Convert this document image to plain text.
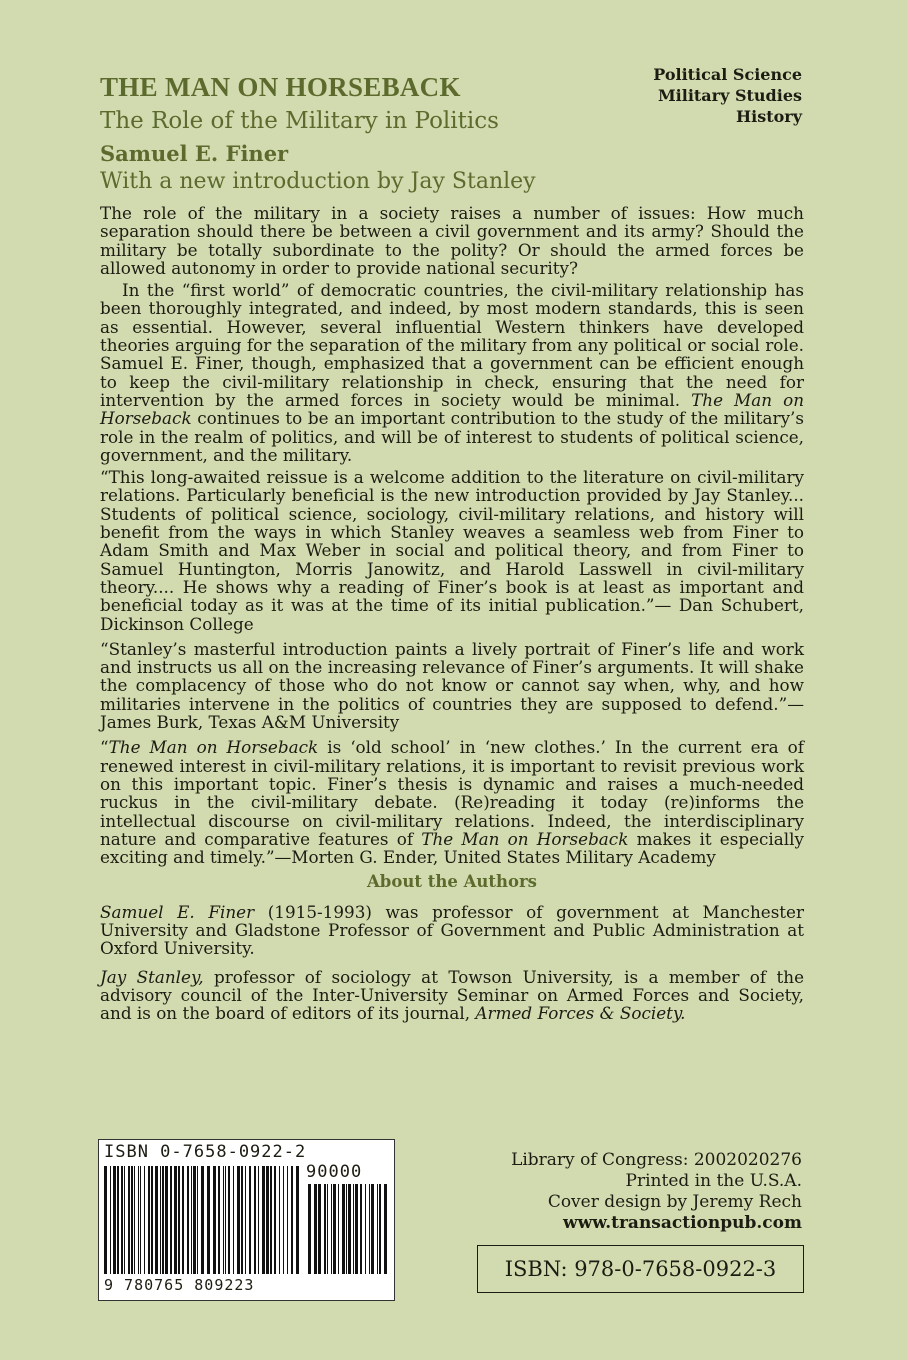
THE MAN ON HORSEBACK
The Role of the Military in Politics
Samuel E. Finer
With a new introduction by Jay Stanley
Political Science
Military Studies
History

The role of the military in a society raises a number of issues: How much separation should there be between a civil government and its army? Should the military be totally subordinate to the polity? Or should the armed forces be allowed autonomy in order to provide national security?

In the “first world” of democratic countries, the civil-military relationship has been thoroughly integrated, and indeed, by most modern standards, this is seen as essential. However, several influential Western thinkers have developed theories arguing for the separation of the military from any political or social role. Samuel E. Finer, though, emphasized that a government can be efficient enough to keep the civil-military relationship in check, ensuring that the need for intervention by the armed forces in society would be minimal. The Man on Horseback continues to be an important contribution to the study of the military’s role in the realm of politics, and will be of interest to students of political science, government, and the military.

“This long-awaited reissue is a welcome addition to the literature on civil-military relations. Particularly beneficial is the new introduction provided by Jay Stanley... Students of political science, sociology, civil-military relations, and history will benefit from the ways in which Stanley weaves a seamless web from Finer to Adam Smith and Max Weber in social and political theory, and from Finer to Samuel Huntington, Morris Janowitz, and Harold Lasswell in civil-military theory.... He shows why a reading of Finer’s book is at least as important and beneficial today as it was at the time of its initial publication.”— Dan Schubert, Dickinson College

“Stanley’s masterful introduction paints a lively portrait of Finer’s life and work and instructs us all on the increasing relevance of Finer’s arguments. It will shake the complacency of those who do not know or cannot say when, why, and how militaries intervene in the politics of countries they are supposed to defend.”—James Burk, Texas A&M University

“The Man on Horseback is ‘old school’ in ‘new clothes.’ In the current era of renewed interest in civil-military relations, it is important to revisit previous work on this important topic. Finer’s thesis is dynamic and raises a much-needed ruckus in the civil-military debate. (Re)reading it today (re)informs the intellectual discourse on civil-military relations. Indeed, the interdisciplinary nature and comparative features of The Man on Horseback makes it especially exciting and timely.”—Morten G. Ender, United States Military Academy

About the Authors

Samuel E. Finer (1915-1993) was professor of government at Manchester University and Gladstone Professor of Government and Public Administration at Oxford University.

Jay Stanley, professor of sociology at Towson University, is a member of the advisory council of the Inter-University Seminar on Armed Forces and Society, and is on the board of editors of its journal, Armed Forces & Society.

ISBN 0-7658-0922-2
90000
9 780765 809223
Library of Congress: 2002020276
Printed in the U.S.A.
Cover design by Jeremy Rech
www.transactionpub.com
ISBN: 978-0-7658-0922-3
